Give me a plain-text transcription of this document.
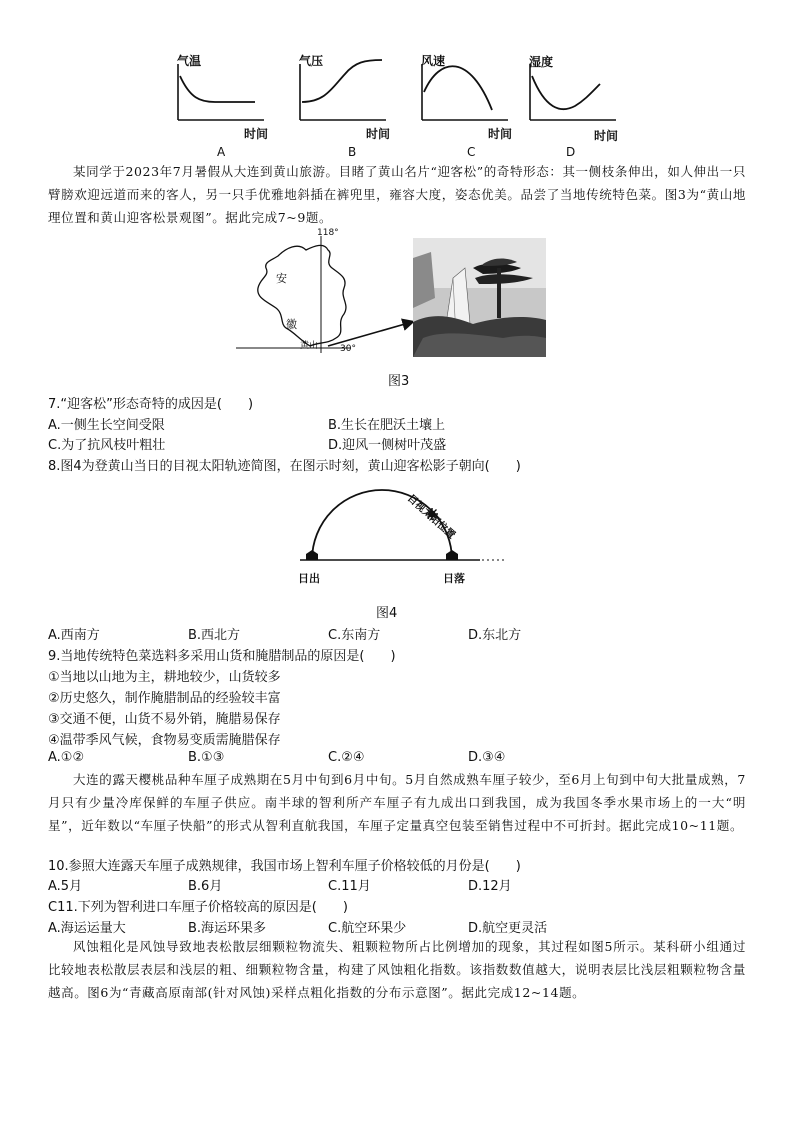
气温	气压	风速	湿度
时间	时间	时间	时间
A	B	C	D
某同学于2023年7月暑假从大连到黄山旅游。目睹了黄山名片“迎客松”的奇特形态：其一侧枝条伸出，如人伸出一只臂膀欢迎远道而来的客人，另一只手优雅地斜插在裤兜里，雍容大度，姿态优美。品尝了当地传统特色菜。图3为“黄山地理位置和黄山迎客松景观图”。据此完成7~9题。
118°
安
徽
黄山 30°
图3
7.“迎客松”形态奇特的成因是(　　)
A.一侧生长空间受限	B.生长在肥沃土壤上
C.为了抗风枝叶粗壮	D.迎风一侧树叶茂盛
8.图4为登黄山当日的目视太阳轨迹简图，在图示时刻，黄山迎客松影子朝向(　　)
目视太阳位置
日出	日落
图4
A.西南方	B.西北方	C.东南方	D.东北方
9.当地传统特色菜选料多采用山货和腌腊制品的原因是(　　)
①当地以山地为主，耕地较少，山货较多
②历史悠久，制作腌腊制品的经验较丰富
③交通不便，山货不易外销，腌腊易保存
④温带季风气候，食物易变质需腌腊保存
A.①②	B.①③	C.②④	D.③④
大连的露天樱桃品种车厘子成熟期在5月中旬到6月中旬。5月自然成熟车厘子较少，至6月上旬到中旬大批量成熟，7月只有少量冷库保鲜的车厘子供应。南半球的智利所产车厘子有九成出口到我国，成为我国冬季水果市场上的一大“明星”，近年数以“车厘子快船”的形式从智利直航我国，车厘子定量真空包装至销售过程中不可折封。据此完成10~11题。
10.参照大连露天车厘子成熟规律，我国市场上智利车厘子价格较低的月份是(　　)
A.5月	B.6月	C.11月	D.12月
C11.下列为智利进口车厘子价格较高的原因是(　　)
A.海运运量大	B.海运环果多	C.航空环果少	D.航空更灵活
风蚀粗化是风蚀导致地表松散层细颗粒物流失、粗颗粒物所占比例增加的现象，其过程如图5所示。某科研小组通过比较地表松散层表层和浅层的粗、细颗粒物含量，构建了风蚀粗化指数。该指数数值越大，说明表层比浅层粗颗粒物含量越高。图6为“青藏高原南部(针对风蚀)采样点粗化指数的分布示意图”。据此完成12~14题。
